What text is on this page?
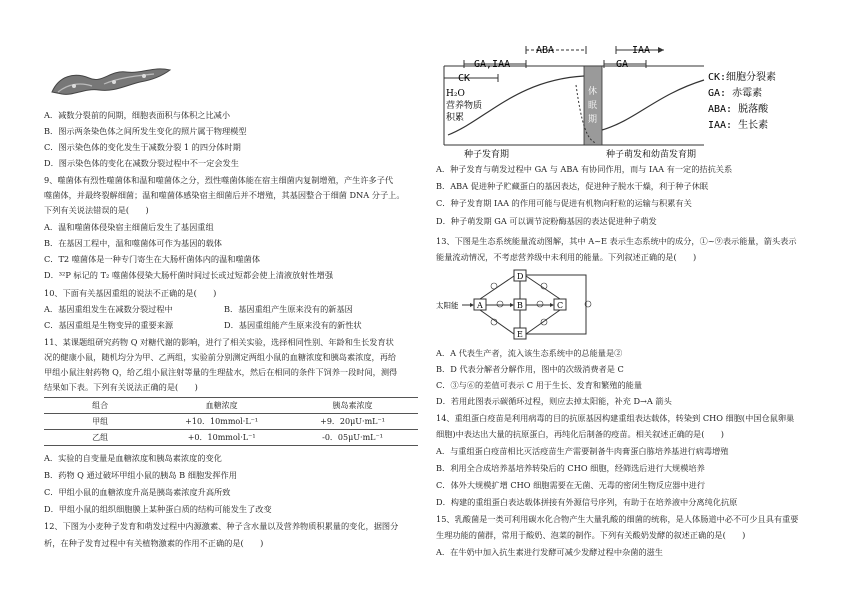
A．减数分裂前的间期，细胞表面积与体积之比减小
B．图示两条染色体之间所发生变化的照片属于物理模型
C．图示染色体的变化发生于减数分裂 1 的四分体时期
D．图示染色体的变化在减数分裂过程中不一定会发生
9、噬菌体有烈性噬菌体和温和噬菌体之分，烈性噬菌体能在宿主细菌内复制增殖，产生许多子代
噬菌体，并最终裂解细菌；温和噬菌体感染宿主细菌后并不增殖，其基因整合于细菌 DNA 分子上。
下列有关说法错误的是(　　)
A．温和噬菌体侵染宿主细菌后发生了基因重组
B．在基因工程中，温和噬菌体可作为基因的载体
C．T2 噬菌体是一种专门寄生在大肠杆菌体内的温和噬菌体
D．³²P 标记的 T₂ 噬菌体侵染大肠杆菌时间过长或过短都会使上清液放射性增强
10、下面有关基因重组的说法不正确的是(　　)
A．基因重组发生在减数分裂过程中	B．基因重组产生原来没有的新基因
C．基因重组是生物变异的重要来源	D．基因重组能产生原来没有的新性状
11、某课题组研究药物 Q 对糖代谢的影响，进行了相关实验，选择相同性别、年龄和生长发育状
况的健康小鼠，随机均分为甲、乙两组，实验前分别测定两组小鼠的血糖浓度和胰岛素浓度，再给
甲组小鼠注射药物 Q，给乙组小鼠注射等量的生理盐水，然后在相同的条件下饲养一段时间，测得
结果如下表。下列有关说法正确的是(　　)
组合	血糖浓度	胰岛素浓度
甲组	+10．10mmol·L⁻¹	+9．20μU·mL⁻¹
乙组	+0．10mmol·L⁻¹	-0．05μU·mL⁻¹
A．实验的自变量是血糖浓度和胰岛素浓度的变化
B．药物 Q 通过破坏甲组小鼠的胰岛 B 细胞发挥作用
C．甲组小鼠的血糖浓度升高是胰岛素浓度升高所致
D．甲组小鼠的组织细胞膜上某种蛋白质的结构可能发生了改变
12、下图为小麦种子发育和萌发过程中内源激素、种子含水量以及营养物质积累量的变化，据图分
析，在种子发育过程中有关植物激素的作用不正确的是(　　)
ABA	IAA
GA,IAA
CK
GA
H₂O
营养物质
积累
休
眠
期
CK:细胞分裂素
GA: 赤霉素
ABA: 脱落酸
IAA: 生长素
种子发育期	种子萌发和幼苗发育期
A．种子发育与萌发过程中 GA 与 ABA 有协同作用，而与 IAA 有一定的拮抗关系
B．ABA 促进种子贮藏蛋白的基因表达，促进种子脱水干燥，利于种子休眠
C．种子发育期 IAA 的作用可能与促进有机物向籽粒的运输与积累有关
D．种子萌发期 GA 可以调节淀粉酶基因的表达促进种子萌发
13、下图是生态系统能量流动图解，其中 A~E 表示生态系统中的成分，①~⑨表示能量，箭头表示
能量流动情况，不考虑营养级中未利用的能量。下列叙述正确的是(　　)
太阳能 A	B	C
D
E
A．A 代表生产者，流入该生态系统中的总能量是②
B．D 代表分解者分解作用，图中的次级消费者是 C
C．③与⑥的差值可表示 C 用于生长、发育和繁殖的能量
D．若用此图表示碳循环过程，则应去掉太阳能，补充 D→A 箭头
14、重组蛋白疫苗是利用病毒的目的抗原基因构建重组表达载体，转染到 CHO 细胞(中国仓鼠卵巢
细胞)中表达出大量的抗原蛋白，再纯化后制备的疫苗。相关叙述正确的是(　　)
A．与重组蛋白疫苗相比灭活疫苗生产需要制备牛肉膏蛋白胨培养基进行病毒增殖
B．利用全合成培养基培养转染后的 CHO 细胞，经筛选后进行大规模培养
C．体外大规模扩增 CHO 细胞需要在无菌、无毒的密闭生物反应器中进行
D．构建的重组蛋白表达载体拼接有外源信号序列，有助于在培养液中分离纯化抗原
15、乳酸菌是一类可利用碳水化合物产生大量乳酸的细菌的统称，是人体肠道中必不可少且具有重要
生理功能的菌群，常用于酸奶、泡菜的制作。下列有关酸奶发酵的叙述正确的是(　　)
A．在牛奶中加入抗生素进行发酵可减少发酵过程中杂菌的滋生
